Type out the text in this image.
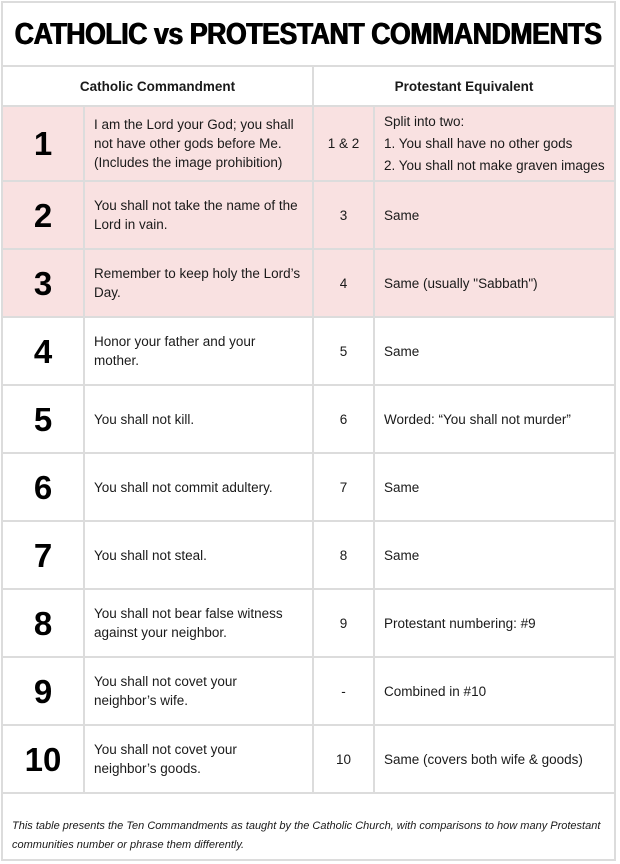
CATHOLIC vs PROTESTANT COMMANDMENTS
Catholic Commandment		Protestant Equivalent	
1	I am the Lord your God; you shall not have other gods before Me. (Includes the image prohibition)	1 & 2	Split into two:
1. You shall have no other gods
2. You shall not make graven images

2	You shall not take the name of the Lord in vain.	3	Same
3	Remember to keep holy the Lord’s Day.	4	Same (usually "Sabbath")
4	Honor your father and your mother.	5	Same
5	You shall not kill.	6	Worded: “You shall not murder”
6	You shall not commit adultery.	7	Same
7	You shall not steal.	8	Same
8	You shall not bear false witness against your neighbor.	9	Protestant numbering: #9
9	You shall not covet your neighbor’s wife.	-	Combined in #10
10	You shall not covet your neighbor’s goods.	10	Same (covers both wife & goods)
This table presents the Ten Commandments as taught by the Catholic Church, with comparisons to how many Protestant communities number or phrase them differently.
